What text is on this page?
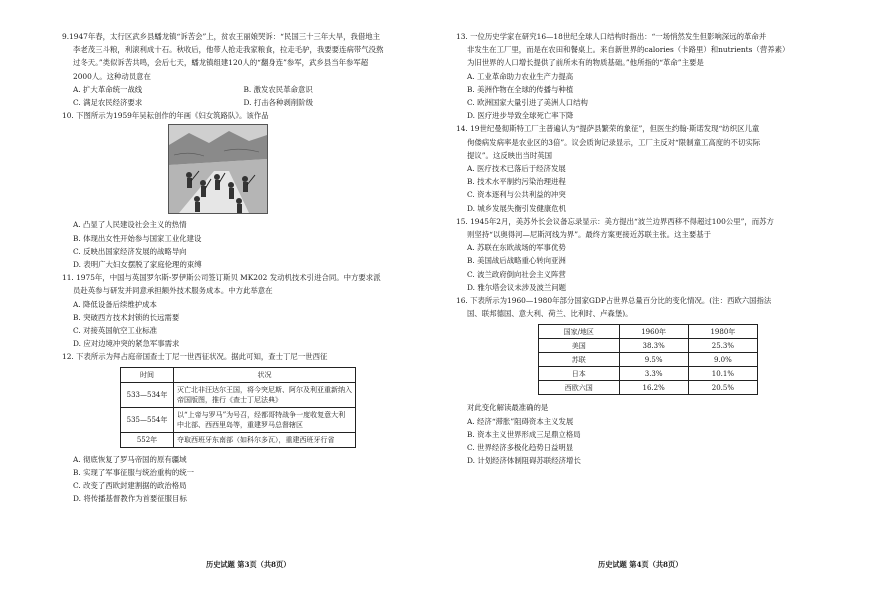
9.1947年春，太行区武乡县蟠龙镇“诉苦会”上，贫农王丽娘哭诉：“民国三十三年大旱，我借地主

李老茂三斗粮，利滚利成十石。秋收后，他带人抢走我家粮食，拉走毛驴，我要要连病带气没熬

过冬天。”类似诉苦共鸣，会后七天，蟠龙镇组建120人的“翻身连”参军，武乡县当年参军超

2000人。这种动员意在

A. 扩大革命统一战线	B. 激发农民革命意识
C. 满足农民经济要求	D. 打击各种剥削阶级

10. 下图所示为1959年吴耘创作的年画《妇女筑路队》。该作品

A. 凸显了人民建设社会主义的热情

B. 体现出女性开始参与国家工业化建设

C. 反映出国家经济发展的战略导向

D. 表明广大妇女摆脱了家庭伦理的束缚

11. 1975年，中国与英国罗尔斯-罗伊斯公司签订斯贝 MK202 发动机技术引进合同。中方要求派

员赴英参与研发并同意承担额外技术服务成本。中方此举意在

A. 降低设备后续维护成本

B. 突破西方技术封锁的长远需要

C. 对接英国航空工业标准

D. 应对边境冲突的紧急军事需求

12. 下表所示为拜占庭帝国查士丁尼一世西征状况。据此可知，查士丁尼一世西征

时间	状况
533—534年	灭亡北非汪达尔王国，将今突尼斯、阿尔及利亚重新纳入帝国版图，推行《查士丁尼法典》
535—554年	以“上帝与罗马”为号召，经都哥特战争一度收复意大利中北部、西西里岛等，重建罗马总督辖区
552年	夺取西班牙东南部（如科尔多瓦），重建西班牙行省

A. 彻底恢复了罗马帝国的原有疆域

B. 实现了军事征服与统治重构的统一

C. 改变了西欧封建割据的政治格局

D. 将传播基督教作为首要征服目标

13. 一位历史学家在研究16—18世纪全球人口结构时指出：“一场悄然发生但影响深远的革命并

非发生在工厂里，而是在农田和餐桌上。来自新世界的calories（卡路里）和nutrients（营养素）

为旧世界的人口增长提供了前所未有的物质基础。”他所指的“革命”主要是

A. 工业革命助力农业生产力提高

B. 美洲作物在全球的传播与种植

C. 欧洲国家大量引进了美洲人口结构

D. 医疗进步导致全球死亡率下降

14. 19世纪曼彻斯特工厂主普遍认为“提萨县繁荣的象征”，但医生约翰·斯诺发现“纺织区儿童

佝偻病发病率是农业区的3倍”。议会质询记录显示，工厂主反对“限制童工高度的不切实际

提议”。这反映出当时英国

A. 医疗技术已落后于经济发展

B. 技术水平制约污染治理进程

C. 资本逐利与公共利益的冲突

D. 城乡发展失衡引发健康危机

15. 1945年2月，美苏外长会议备忘录显示：美方提出“波兰边界西移不得超过100公里”，而苏方

则坚持“以奥得河—尼斯河线为界”。最终方案更接近苏联主张。这主要基于

A. 苏联在东欧战场的军事优势

B. 美国战后战略重心转向亚洲

C. 波兰政府倒向社会主义阵营

D. 雅尔塔会议未涉及波兰问题

16. 下表所示为1960—1980年部分国家GDP占世界总量百分比的变化情况。(注：西欧六国指法

国、联邦德国、意大利、荷兰、比利时、卢森堡)。

国家/地区	1960年	1980年
美国	38.3%	25.3%
苏联	9.5%	9.0%
日本	3.3%	10.1%
西欧六国	16.2%	20.5%

对此变化解读最准确的是

A. 经济“滞胀”阻碍资本主义发展

B. 资本主义世界形成三足鼎立格局

C. 世界经济多极化趋势日益明显

D. 计划经济体制阻碍苏联经济增长

历史试题 第3页（共8页）	历史试题 第4页（共8页）
